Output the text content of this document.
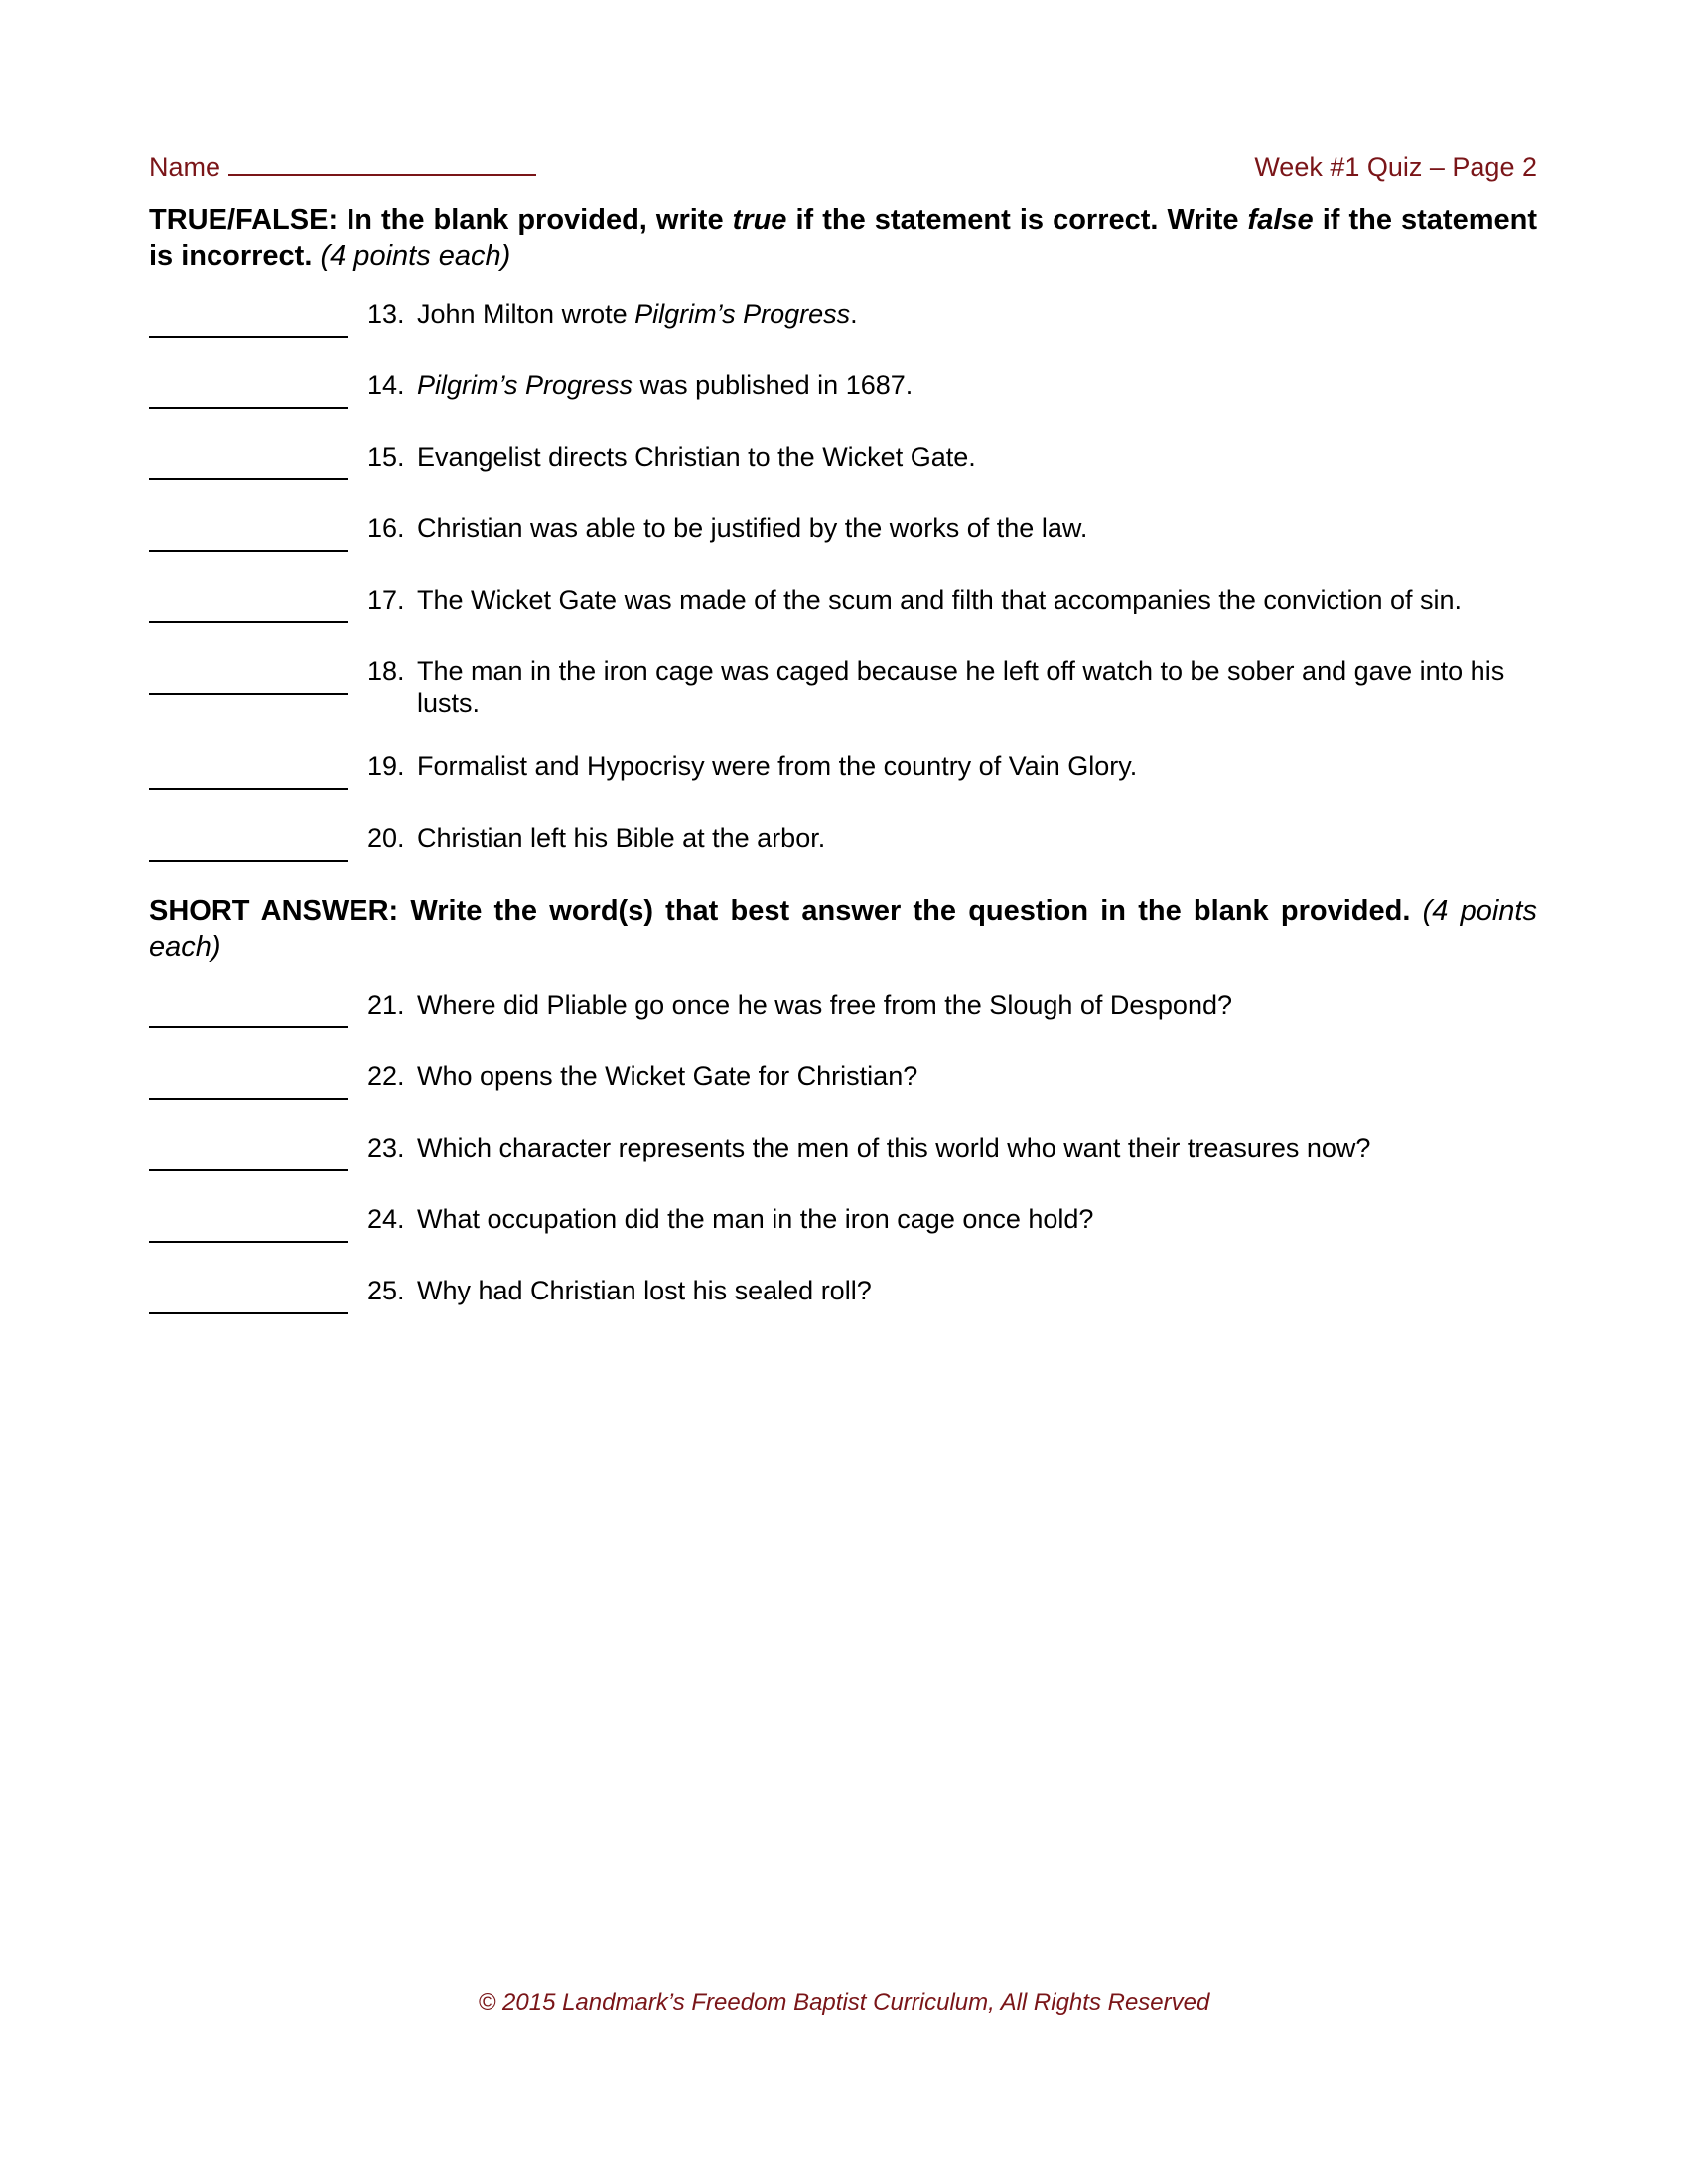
Name	Week #1 Quiz – Page 2
TRUE/FALSE: In the blank provided, write true if the statement is correct. Write false if the statement is incorrect. (4 points each)
13. John Milton wrote Pilgrim’s Progress.
14. Pilgrim’s Progress was published in 1687.
15. Evangelist directs Christian to the Wicket Gate.
16. Christian was able to be justified by the works of the law.
17. The Wicket Gate was made of the scum and filth that accompanies the conviction of sin.
18. The man in the iron cage was caged because he left off watch to be sober and gave into his lusts.
19. Formalist and Hypocrisy were from the country of Vain Glory.
20. Christian left his Bible at the arbor.
SHORT ANSWER: Write the word(s) that best answer the question in the blank provided. (4 points each)
21. Where did Pliable go once he was free from the Slough of Despond?
22. Who opens the Wicket Gate for Christian?
23. Which character represents the men of this world who want their treasures now?
24. What occupation did the man in the iron cage once hold?
25. Why had Christian lost his sealed roll?
© 2015 Landmark’s Freedom Baptist Curriculum, All Rights Reserved
